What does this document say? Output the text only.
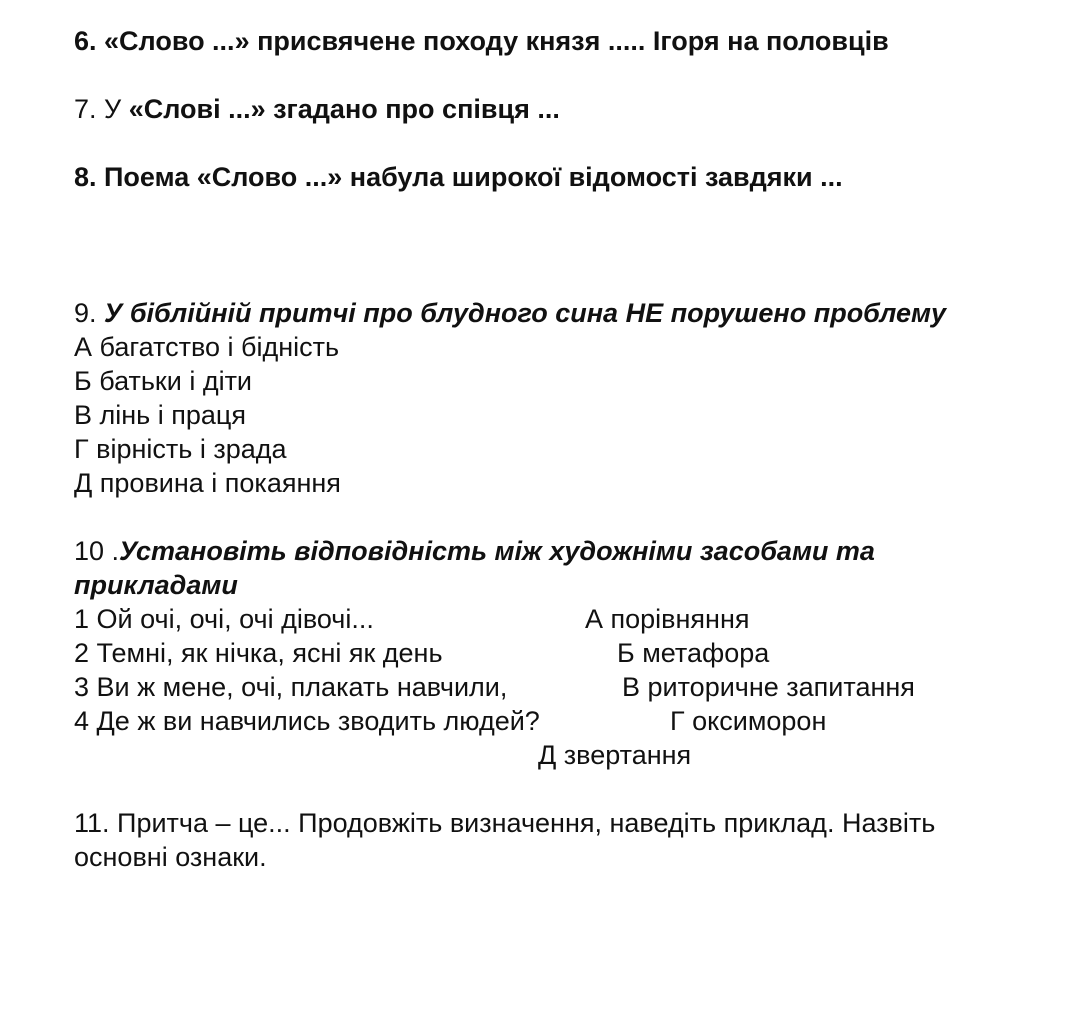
6. «Слово ...» присвячене походу князя ..... Ігоря на половців
7. У «Слові ...» згадано про співця ...
8. Поема «Слово ...» набула широкої відомості завдяки ...
9. У біблійній притчі про блудного сина НЕ порушено проблему
А багатство і бідність
Б батьки і діти
В лінь і праця
Г вірність і зрада
Д провина і покаяння
10 .Установіть відповідність між художніми засобами та
прикладами
1 Ой очі, очі, очі дівочі...
2 Темні, як нічка, ясні як день
3 Ви ж мене, очі, плакать навчили,
4 Де ж ви навчились зводить людей?
А порівняння
Б метафора
В риторичне запитання
Г оксиморон
Д звертання
11. Притча – це... Продовжіть визначення, наведіть приклад. Назвіть
основні ознаки.
